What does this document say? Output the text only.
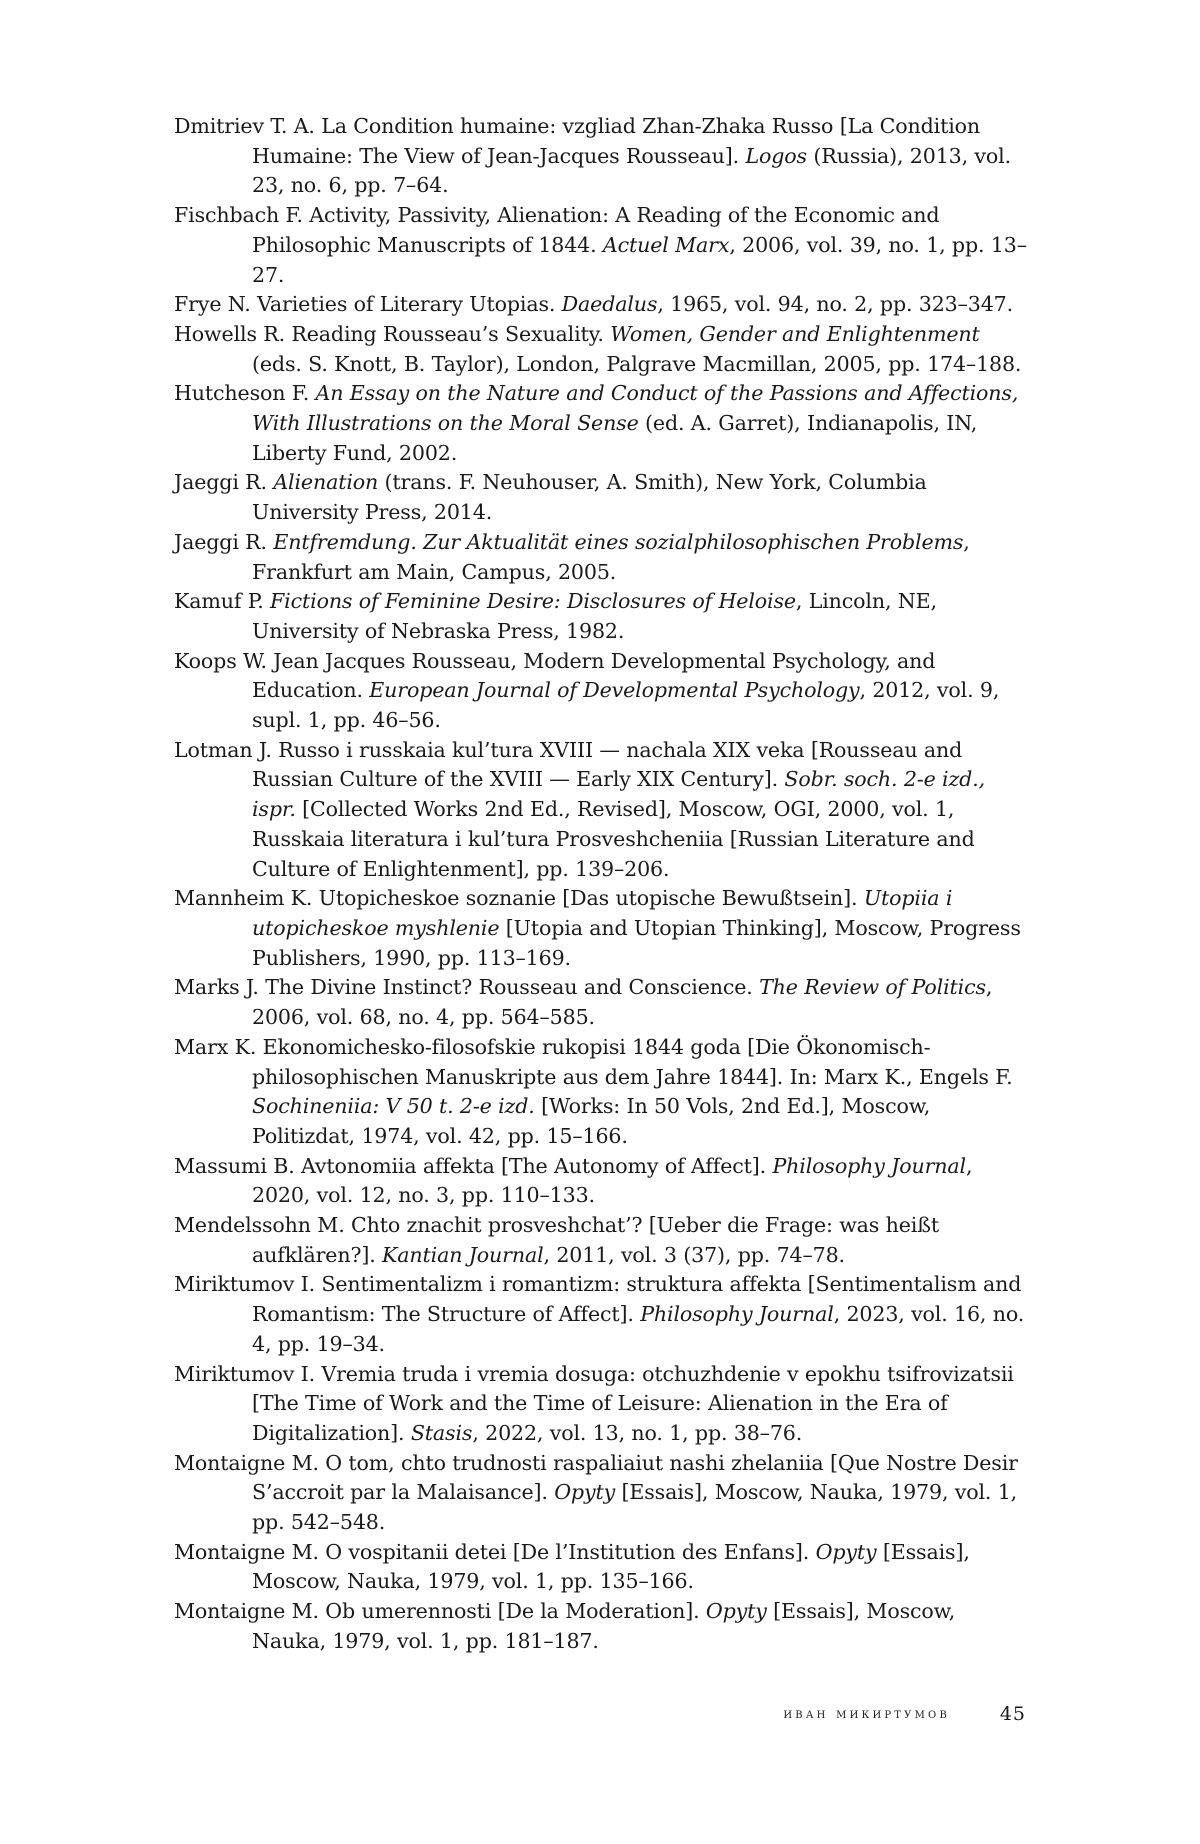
Dmitriev T. A. La Condition humaine: vzgliad Zhan-Zhaka Russo [La Condition Humaine: The View of Jean-Jacques Rousseau]. Logos (Russia), 2013, vol. 23, no. 6, pp. 7–64.

Fischbach F. Activity, Passivity, Alienation: A Reading of the Economic and Philosophic Manuscripts of 1844. Actuel Marx, 2006, vol. 39, no. 1, pp. 13–27.

Frye N. Varieties of Literary Utopias. Daedalus, 1965, vol. 94, no. 2, pp. 323–347.

Howells R. Reading Rousseau’s Sexuality. Women, Gender and Enlightenment (eds. S. Knott, B. Taylor), London, Palgrave Macmillan, 2005, pp. 174–188.

Hutcheson F. An Essay on the Nature and Conduct of the Passions and Affections, With Illustrations on the Moral Sense (ed. A. Garret), Indianapolis, IN, Liberty Fund, 2002.

Jaeggi R. Alienation (trans. F. Neuhouser, A. Smith), New York, Columbia University Press, 2014.

Jaeggi R. Entfremdung. Zur Aktualität eines sozialphilosophischen Problems, Frankfurt am Main, Campus, 2005.

Kamuf P. Fictions of Feminine Desire: Disclosures of Heloise, Lincoln, NE, University of Nebraska Press, 1982.

Koops W. Jean Jacques Rousseau, Modern Developmental Psychology, and Education. European Journal of Developmental Psychology, 2012, vol. 9, supl. 1, pp. 46–56.

Lotman J. Russo i russkaia kul’tura XVIII — nachala XIX veka [Rousseau and Russian Culture of the XVIII — Early XIX Century]. Sobr. soch. 2-e izd., ispr. [Collected Works 2nd Ed., Revised], Moscow, OGI, 2000, vol. 1, Russkaia literatura i kul’tura Prosveshcheniia [Russian Literature and Culture of Enlightenment], pp. 139–206.

Mannheim K. Utopicheskoe soznanie [Das utopische Bewußtsein]. Utopiia i utopicheskoe myshlenie [Utopia and Utopian Thinking], Moscow, Progress Publishers, 1990, pp. 113–169.

Marks J. The Divine Instinct? Rousseau and Conscience. The Review of Politics, 2006, vol. 68, no. 4, pp. 564–585.

Marx K. Ekonomichesko-filosofskie rukopisi 1844 goda [Die Ökonomisch-philosophischen Manuskripte aus dem Jahre 1844]. In: Marx K., Engels F. Sochineniia: V 50 t. 2-e izd. [Works: In 50 Vols, 2nd Ed.], Moscow, Politizdat, 1974, vol. 42, pp. 15–166.

Massumi B. Avtonomiia affekta [The Autonomy of Affect]. Philosophy Journal, 2020, vol. 12, no. 3, pp. 110–133.

Mendelssohn M. Chto znachit prosveshchat’? [Ueber die Frage: was heißt aufklären?]. Kantian Journal, 2011, vol. 3 (37), pp. 74–78.

Miriktumov I. Sentimentalizm i romantizm: struktura affekta [Sentimentalism and Romantism: The Structure of Affect]. Philosophy Journal, 2023, vol. 16, no. 4, pp. 19–34.

Miriktumov I. Vremia truda i vremia dosuga: otchuzhdenie v epokhu tsifrovizatsii [The Time of Work and the Time of Leisure: Alienation in the Era of Digitalization]. Stasis, 2022, vol. 13, no. 1, pp. 38–76.

Montaigne M. O tom, chto trudnosti raspaliaiut nashi zhelaniia [Que Nostre Desir S’accroit par la Malaisance]. Opyty [Essais], Moscow, Nauka, 1979, vol. 1, pp. 542–548.

Montaigne M. O vospitanii detei [De l’Institution des Enfans]. Opyty [Essais], Moscow, Nauka, 1979, vol. 1, pp. 135–166.

Montaigne M. Ob umerennosti [De la Moderation]. Opyty [Essais], Moscow, Nauka, 1979, vol. 1, pp. 181–187.

иван микиртумов	45
